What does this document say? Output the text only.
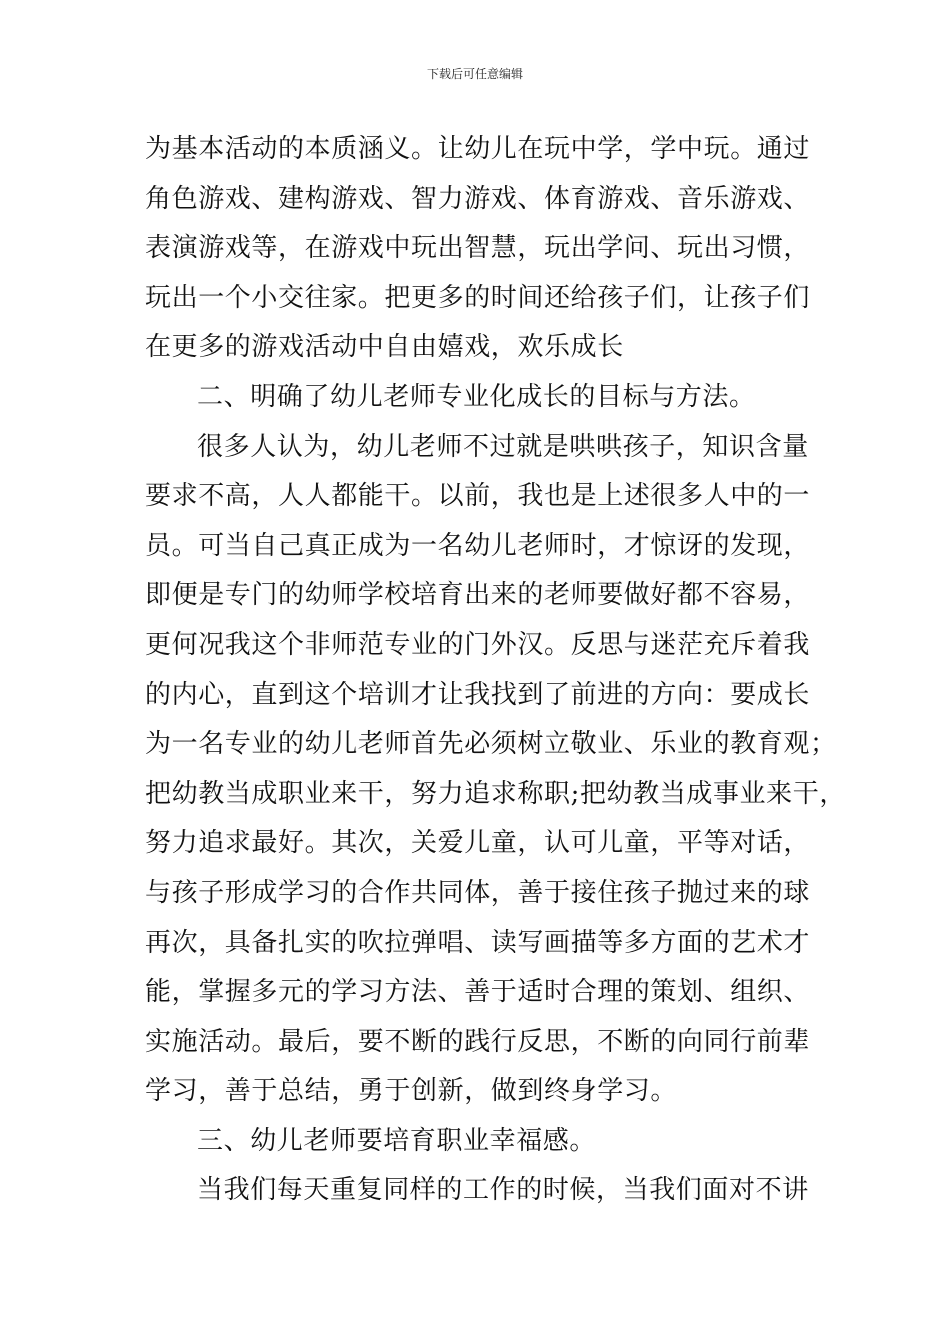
下载后可任意编辑
为基本活动的本质涵义。让幼儿在玩中学，学中玩。通过
角色游戏、建构游戏、智力游戏、体育游戏、音乐游戏、
表演游戏等，在游戏中玩出智慧，玩出学问、玩出习惯，
玩出一个小交往家。把更多的时间还给孩子们，让孩子们
在更多的游戏活动中自由嬉戏，欢乐成长
二、明确了幼儿老师专业化成长的目标与方法。
很多人认为，幼儿老师不过就是哄哄孩子，知识含量
要求不高，人人都能干。以前，我也是上述很多人中的一
员。可当自己真正成为一名幼儿老师时，才惊讶的发现，
即便是专门的幼师学校培育出来的老师要做好都不容易，
更何况我这个非师范专业的门外汉。反思与迷茫充斥着我
的内心，直到这个培训才让我找到了前进的方向：要成长
为一名专业的幼儿老师首先必须树立敬业、乐业的教育观；
把幼教当成职业来干，努力追求称职;把幼教当成事业来干，
努力追求最好。其次，关爱儿童，认可儿童，平等对话，
与孩子形成学习的合作共同体，善于接住孩子抛过来的球
再次，具备扎实的吹拉弹唱、读写画描等多方面的艺术才
能，掌握多元的学习方法、善于适时合理的策划、组织、
实施活动。最后，要不断的践行反思，不断的向同行前辈
学习，善于总结，勇于创新，做到终身学习。
三、幼儿老师要培育职业幸福感。
当我们每天重复同样的工作的时候，当我们面对不讲
